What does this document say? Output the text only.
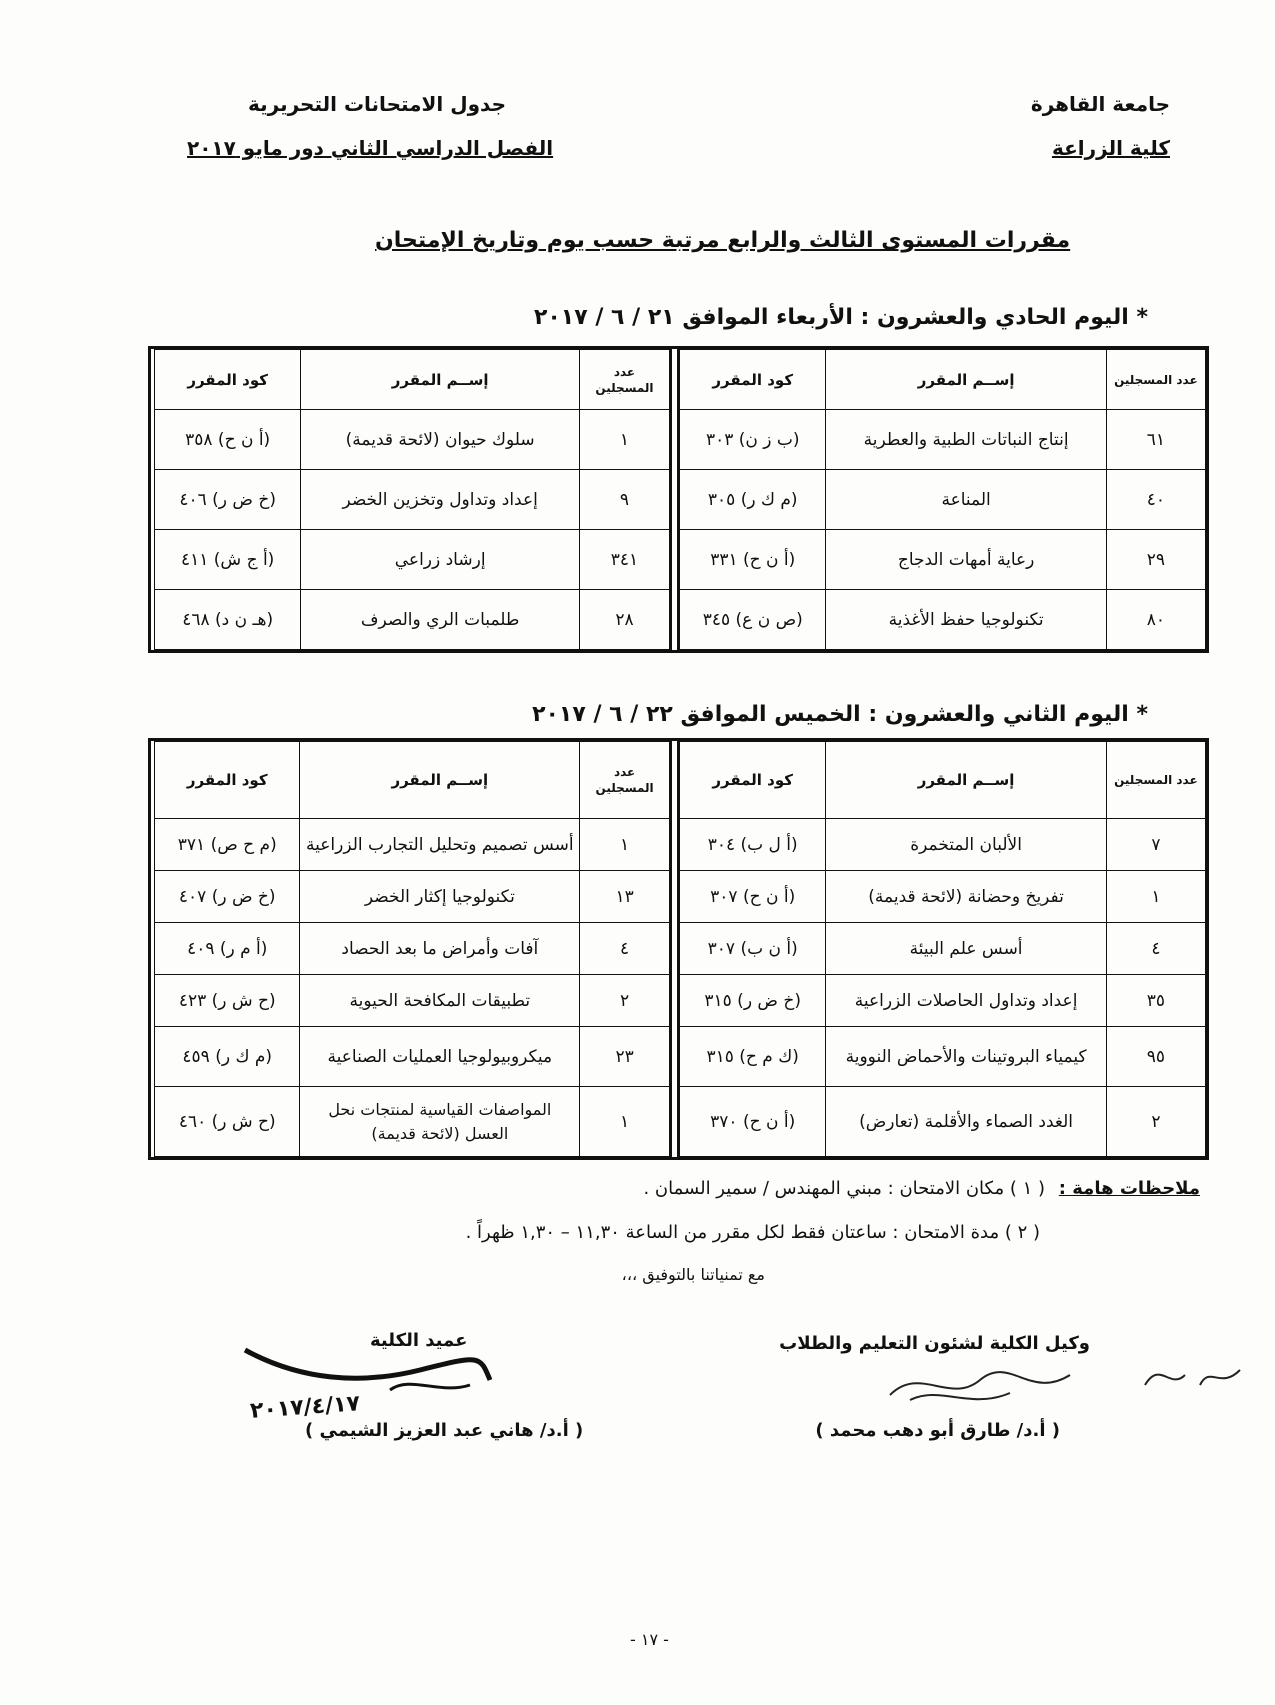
جامعة القاهرة
كلية الزراعة
جدول الامتحانات التحريرية
الفصل الدراسي الثاني دور مايو ٢٠١٧
مقررات المستوى الثالث والرابع مرتبة حسب يوم وتاريخ الإمتحان
* اليوم الحادي والعشرون : الأربعاء الموافق ٢١ / ٦ / ٢٠١٧
كود المقرر	إســم المقرر	عدد المسجلين
(ب ز ن) ٣٠٣	إنتاج النباتات الطبية والعطرية	٦١
(م ك ر) ٣٠٥	المناعة	٤٠
(أ ن ح) ٣٣١	رعاية أمهات الدجاج	٢٩
(ص ن ع) ٣٤٥	تكنولوجيا حفظ الأغذية	٨٠
كود المقرر	إســم المقرر	عدد المسجلين
(أ ن ح) ٣٥٨	سلوك حيوان (لائحة قديمة)	١
(خ ض ر) ٤٠٦	إعداد وتداول وتخزين الخضر	٩
(أ ج ش) ٤١١	إرشاد زراعي	٣٤١
(هـ ن د) ٤٦٨	طلمبات الري والصرف	٢٨
* اليوم الثاني والعشرون : الخميس الموافق ٢٢ / ٦ / ٢٠١٧
كود المقرر	إســم المقرر	عدد المسجلين
(أ ل ب) ٣٠٤	الألبان المتخمرة	٧
(أ ن ح) ٣٠٧	تفريخ وحضانة (لائحة قديمة)	١
(أ ن ب) ٣٠٧	أسس علم البيئة	٤
(خ ض ر) ٣١٥	إعداد وتداول الحاصلات الزراعية	٣٥
(ك م ح) ٣١٥	كيمياء البروتينات والأحماض النووية	٩٥
(أ ن ح) ٣٧٠	الغدد الصماء والأقلمة (تعارض)	٢
كود المقرر	إســم المقرر	عدد المسجلين
(م ح ص) ٣٧١	أسس تصميم وتحليل التجارب الزراعية	١
(خ ض ر) ٤٠٧	تكنولوجيا إكثار الخضر	١٣
(أ م ر) ٤٠٩	آفات وأمراض ما بعد الحصاد	٤
(ح ش ر) ٤٢٣	تطبيقات المكافحة الحيوية	٢
(م ك ر) ٤٥٩	ميكروبيولوجيا العمليات الصناعية	٢٣
(ح ش ر) ٤٦٠	المواصفات القياسية لمنتجات نحل العسل (لائحة قديمة)	١
ملاحظات هامة :
( ١ ) مكان الامتحان : مبني المهندس / سمير السمان .
( ٢ ) مدة الامتحان : ساعتان فقط لكل مقرر من الساعة ١١,٣٠ – ١,٣٠ ظهراً .
مع تمنياتنا بالتوفيق ،،،
وكيل الكلية لشئون التعليم والطلاب
( أ.د/ طارق أبو دهب محمد )
عميد الكلية
٢٠١٧/٤/١٧
( أ.د/ هاني عبد العزيز الشيمي )
- ١٧ -
